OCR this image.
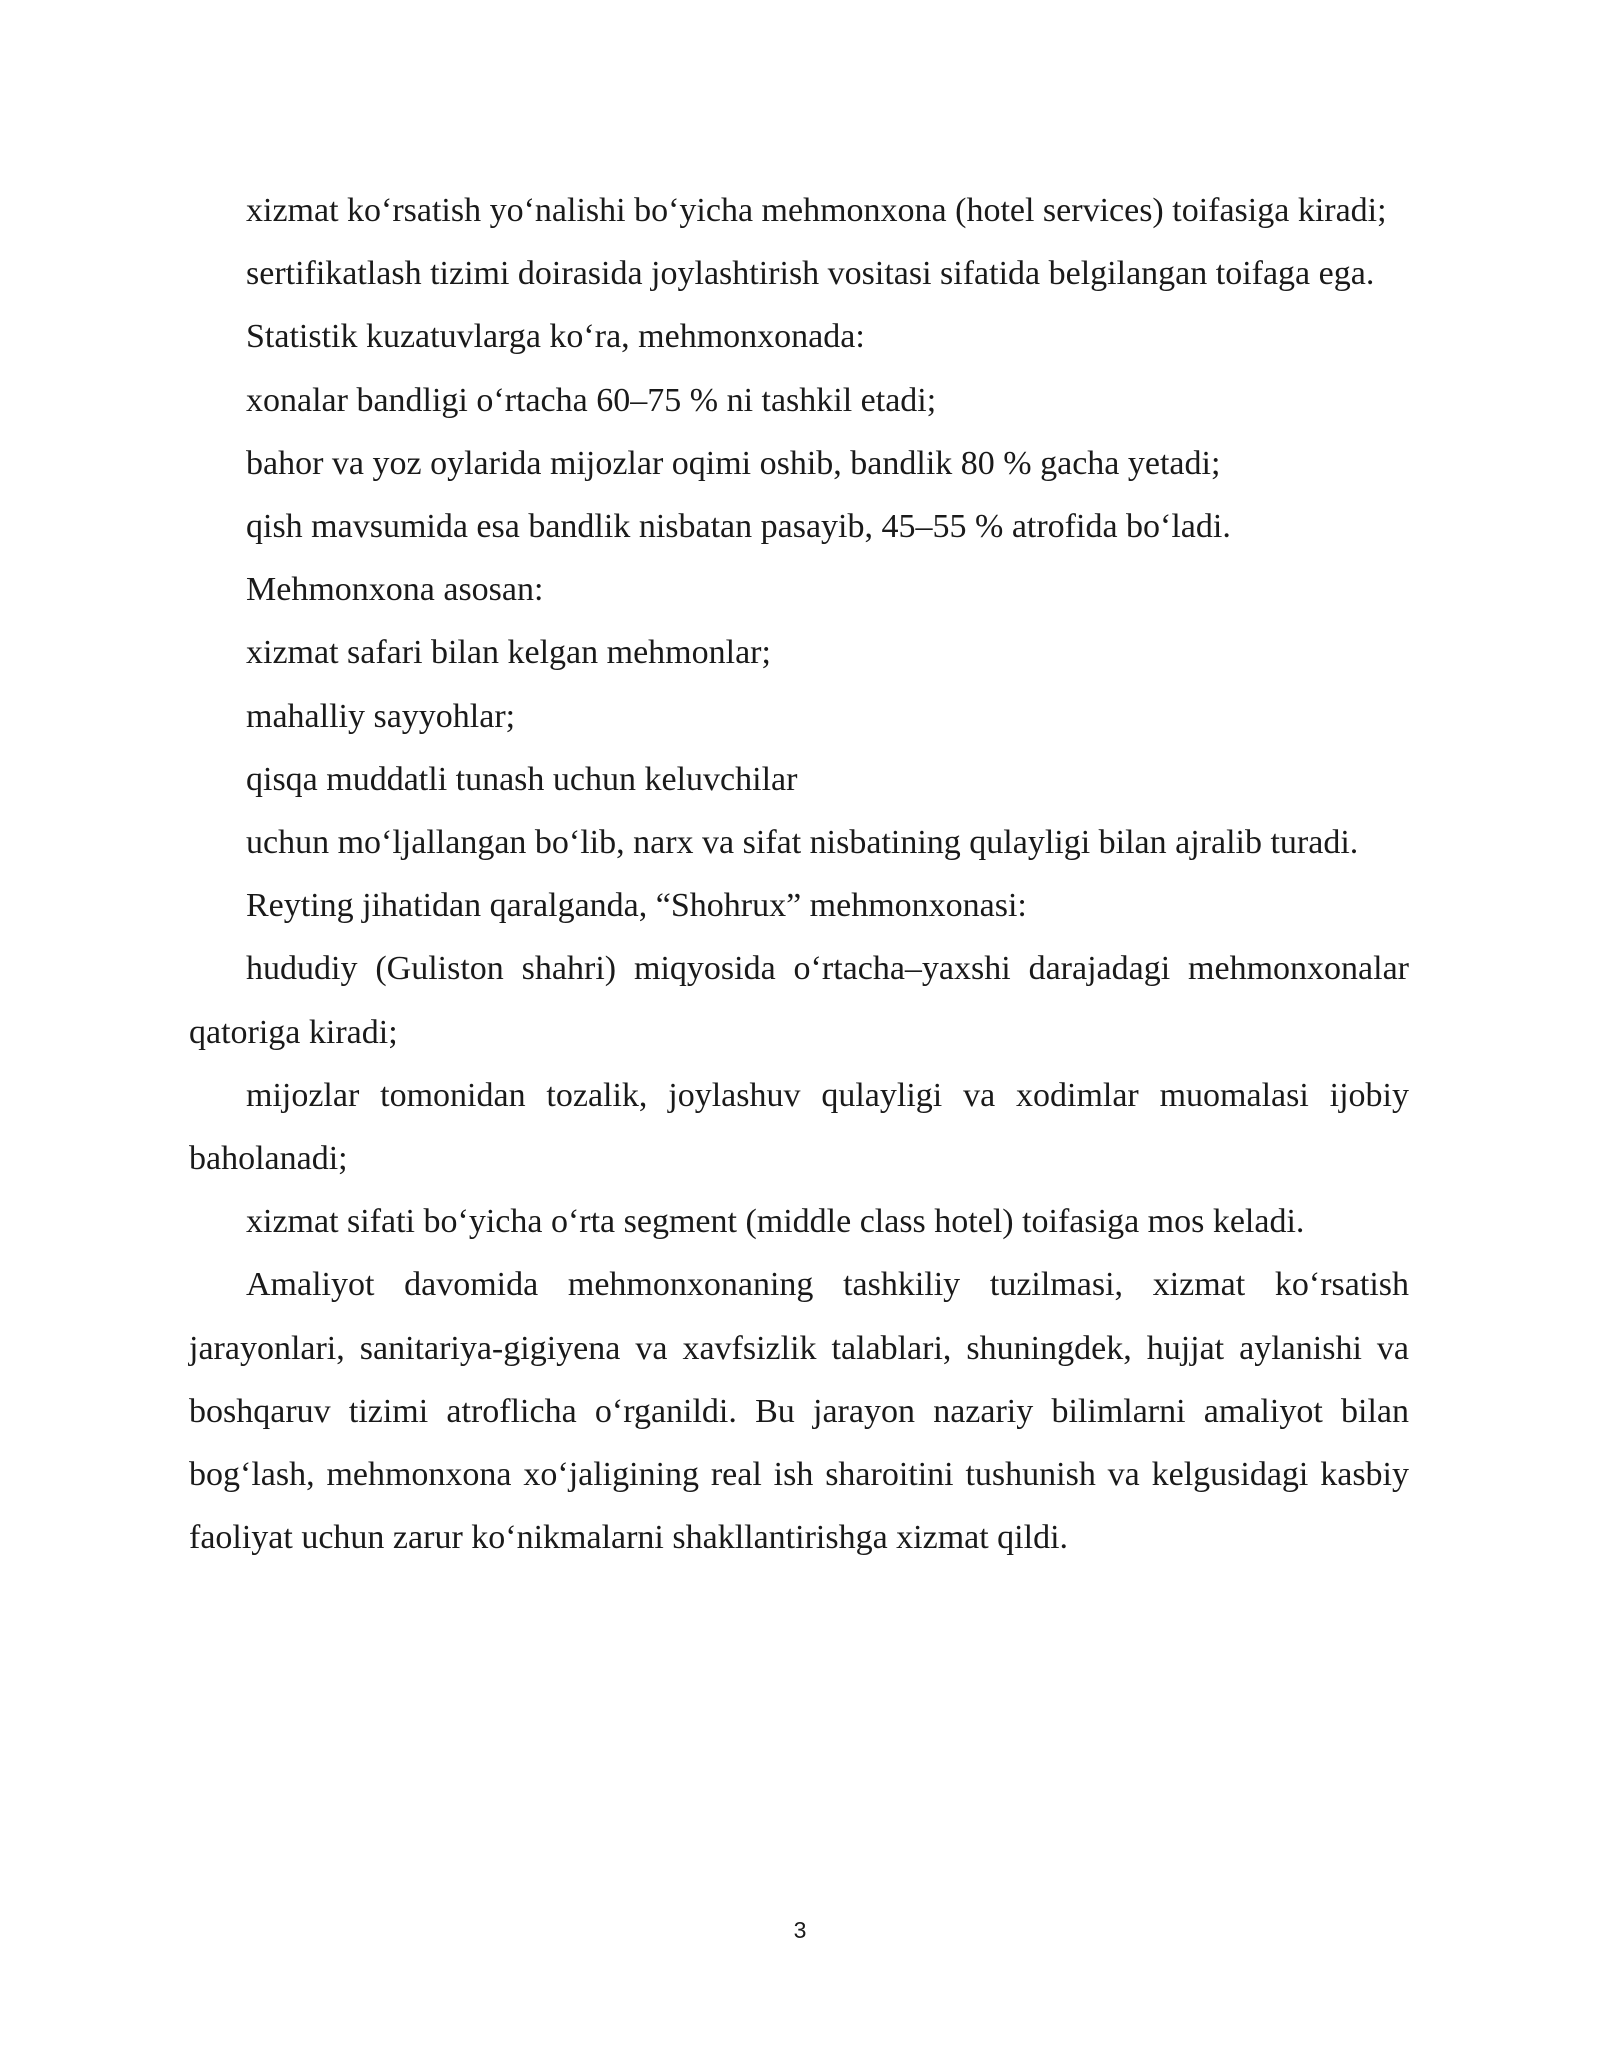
xizmat ko‘rsatish yo‘nalishi bo‘yicha mehmonxona (hotel services) toifasiga kiradi;

sertifikatlash tizimi doirasida joylashtirish vositasi sifatida belgilangan toifaga ega.

Statistik kuzatuvlarga ko‘ra, mehmonxonada:

xonalar bandligi o‘rtacha 60–75 % ni tashkil etadi;

bahor va yoz oylarida mijozlar oqimi oshib, bandlik 80 % gacha yetadi;

qish mavsumida esa bandlik nisbatan pasayib, 45–55 % atrofida bo‘ladi.

Mehmonxona asosan:

xizmat safari bilan kelgan mehmonlar;

mahalliy sayyohlar;

qisqa muddatli tunash uchun keluvchilar

uchun mo‘ljallangan bo‘lib, narx va sifat nisbatining qulayligi bilan ajralib turadi.

Reyting jihatidan qaralganda, “Shohrux” mehmonxonasi:

hududiy (Guliston shahri) miqyosida o‘rtacha–yaxshi darajadagi mehmonxonalar qatoriga kiradi;

mijozlar tomonidan tozalik, joylashuv qulayligi va xodimlar muomalasi ijobiy baholanadi;

xizmat sifati bo‘yicha o‘rta segment (middle class hotel) toifasiga mos keladi.

Amaliyot davomida mehmonxonaning tashkiliy tuzilmasi, xizmat ko‘rsatish jarayonlari, sanitariya-gigiyena va xavfsizlik talablari, shuningdek, hujjat aylanishi va boshqaruv tizimi atroflicha o‘rganildi. Bu jarayon nazariy bilimlarni amaliyot bilan bog‘lash, mehmonxona xo‘jaligining real ish sharoitini tushunish va kelgusidagi kasbiy faoliyat uchun zarur ko‘nikmalarni shakllantirishga xizmat qildi.

3
